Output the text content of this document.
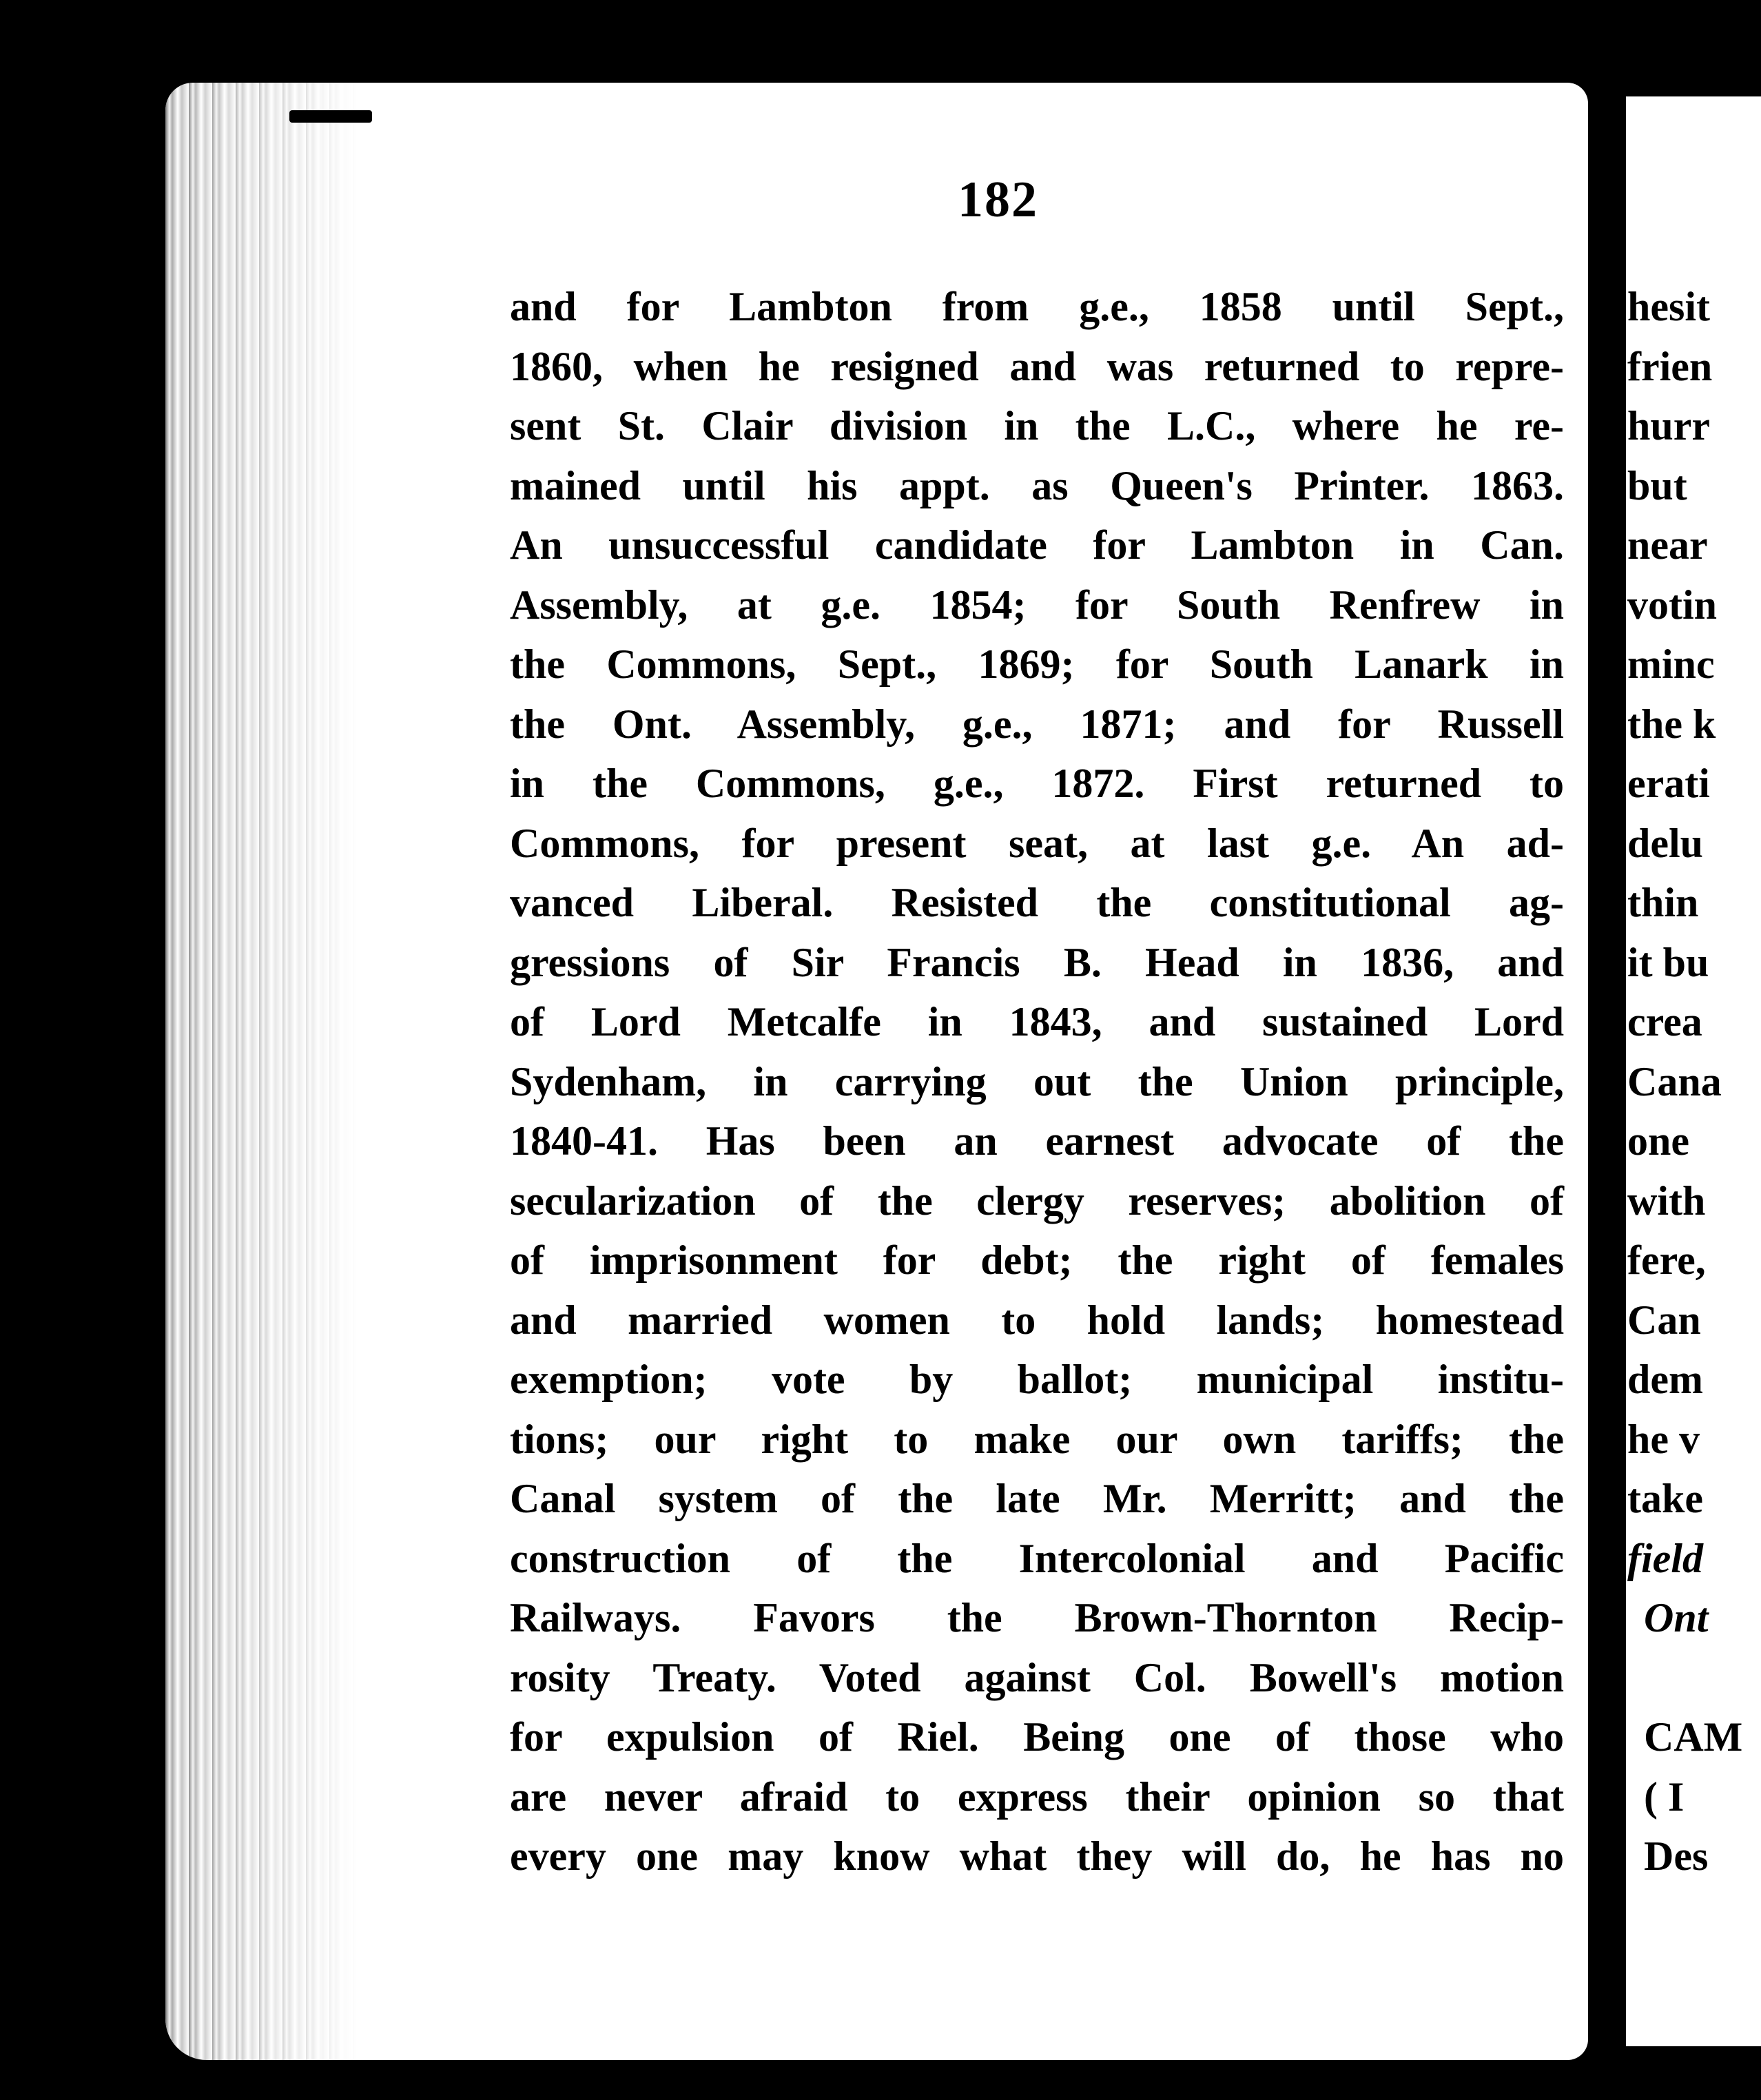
182
and for Lambton from g.e., 1858 until Sept.,
1860, when he resigned and was returned to repre-
sent St. Clair division in the L.C., where he re-
mained until his appt. as Queen's Printer. 1863.
An unsuccessful candidate for Lambton in Can.
Assembly, at g.e. 1854; for South Renfrew in
the Commons, Sept., 1869; for South Lanark in
the Ont. Assembly, g.e., 1871; and for Russell
in the Commons, g.e., 1872. First returned to
Commons, for present seat, at last g.e. An ad-
vanced Liberal. Resisted the constitutional ag-
gressions of Sir Francis B. Head in 1836, and
of Lord Metcalfe in 1843, and sustained Lord
Sydenham, in carrying out the Union principle,
1840-41. Has been an earnest advocate of the
secularization of the clergy reserves; abolition of
of imprisonment for debt; the right of females
and married women to hold lands; homestead
exemption; vote by ballot; municipal institu-
tions; our right to make our own tariffs; the
Canal system of the late Mr. Merritt; and the
construction of the Intercolonial and Pacific
Railways. Favors the Brown-Thornton Recip-
rosity Treaty. Voted against Col. Bowell's motion
for expulsion of Riel. Being one of those who
are never afraid to express their opinion so that
every one may know what they will do, he has no
hesit
frien
hurr
but
near
votin
minc
the k
erati
delu
thin
it bu
crea
Cana
one
with
fere,
Can
dem
he v
take
field
Ont
CAM
( I
Des
